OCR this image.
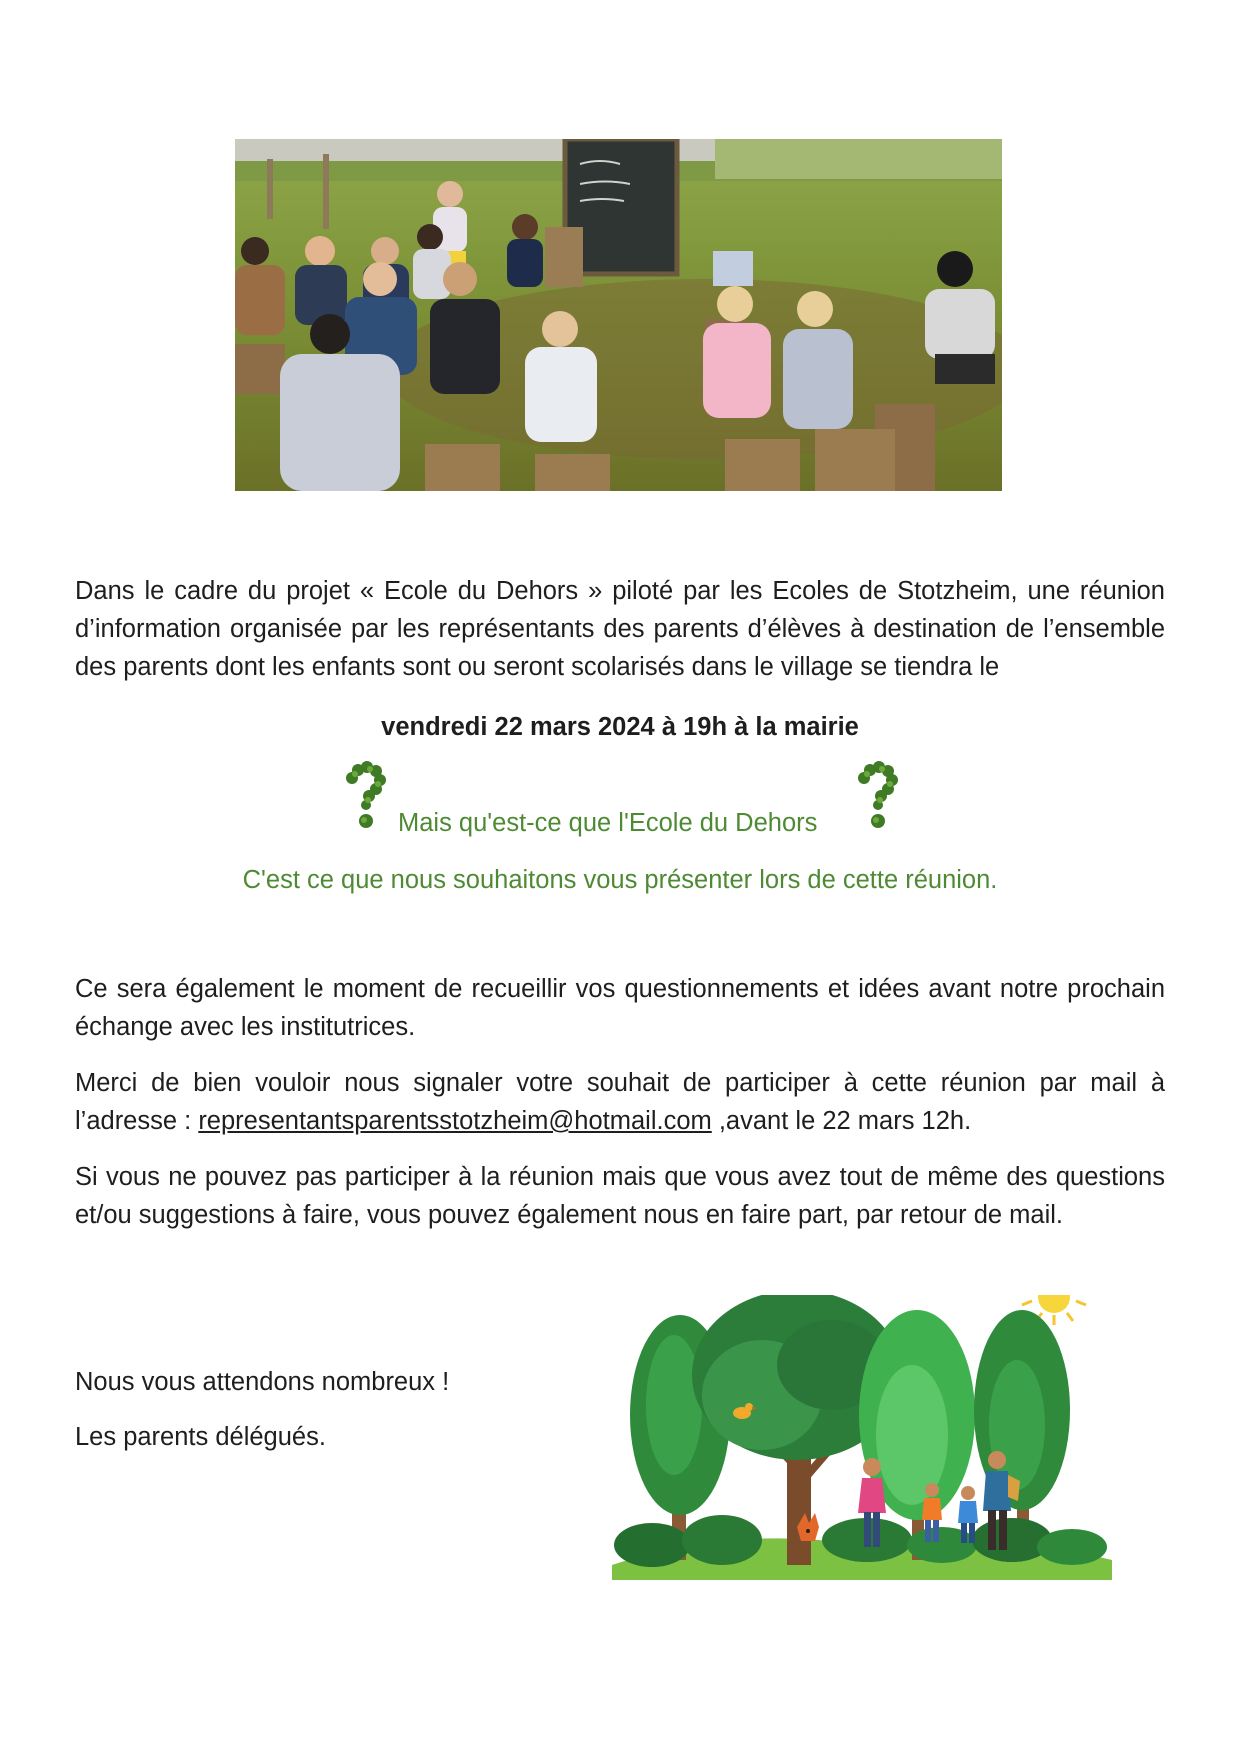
Dans le cadre du projet « Ecole du Dehors » piloté par les Ecoles de Stotzheim, une réunion d’information organisée par les représentants des parents d’élèves à destination de l’ensemble des parents dont les enfants sont ou seront scolarisés dans le village se tiendra le

vendredi 22 mars 2024 à 19h à la mairie
Mais qu'est-ce que l'Ecole du Dehors
C'est ce que nous souhaitons vous présenter lors de cette réunion.

Ce sera également le moment de recueillir vos questionnements et idées avant notre prochain échange avec les institutrices.

Merci de bien vouloir nous signaler votre souhait de participer à cette réunion par mail à l’adresse : representantsparentsstotzheim@hotmail.com ,avant le 22 mars 12h.

Si vous ne pouvez pas participer à la réunion mais que vous avez tout de même des questions et/ou suggestions à faire, vous pouvez également nous en faire part, par retour de mail.

Nous vous attendons nombreux !

Les parents délégués.
